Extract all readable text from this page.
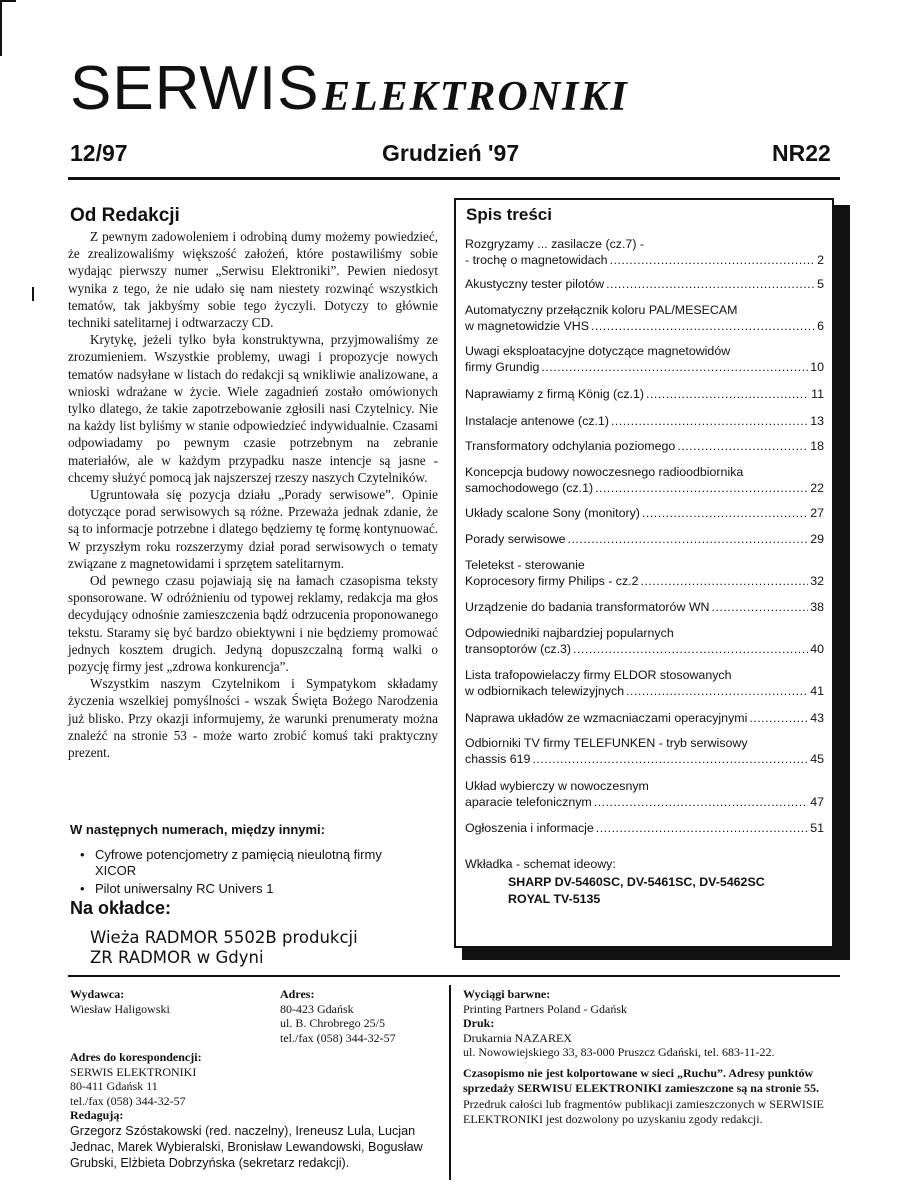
SERWIS ELEKTRONIKI
12/97	Grudzień '97	NR22
Od Redakcji

Z pewnym zadowoleniem i odrobiną dumy możemy powiedzieć, że zrealizowaliśmy większość założeń, które postawiliśmy sobie wydając pierwszy numer „Serwisu Elektroniki”. Pewien niedosyt wynika z tego, że nie udało się nam niestety rozwinąć wszystkich tematów, tak jakbyśmy sobie tego życzyli. Dotyczy to głównie techniki satelitarnej i odtwarzaczy CD.

Krytykę, jeżeli tylko była konstruktywna, przyjmowaliśmy ze zrozumieniem. Wszystkie problemy, uwagi i propozycje nowych tematów nadsyłane w listach do redakcji są wnikliwie analizowane, a wnioski wdrażane w życie. Wiele zagadnień zostało omówionych tylko dlatego, że takie zapotrzebowanie zgłosili nasi Czytelnicy. Nie na każdy list byliśmy w stanie odpowiedzieć indywidualnie. Czasami odpowiadamy po pewnym czasie potrzebnym na zebranie materiałów, ale w każdym przypadku nasze intencje są jasne - chcemy służyć pomocą jak najszerszej rzeszy naszych Czytelników.

Ugruntowała się pozycja działu „Porady serwisowe”. Opinie dotyczące porad serwisowych są różne. Przeważa jednak zdanie, że są to informacje potrzebne i dlatego będziemy tę formę kontynuować. W przyszłym roku rozszerzymy dział porad serwisowych o tematy związane z magnetowidami i sprzętem satelitarnym.

Od pewnego czasu pojawiają się na łamach czasopisma teksty sponsorowane. W odróżnieniu od typowej reklamy, redakcja ma głos decydujący odnośnie zamieszczenia bądź odrzucenia proponowanego tekstu. Staramy się być bardzo obiektywni i nie będziemy promować jednych kosztem drugich. Jedyną dopuszczalną formą walki o pozycję firmy jest „zdrowa konkurencja”.

Wszystkim naszym Czytelnikom i Sympatykom składamy życzenia wszelkiej pomyślności - wszak Święta Bożego Narodzenia już blisko. Przy okazji informujemy, że warunki prenumeraty można znaleźć na stronie 53 - może warto zrobić komuś taki praktyczny prezent.

W następnych numerach, między innymi:
• Cyfrowe potencjometry z pamięcią nieulotną firmy XICOR
• Pilot uniwersalny RC Univers 1
Na okładce:
Wieża RADMOR 5502B produkcji
ZR RADMOR w Gdyni
Spis treści
Rozgryzamy ... zasilacze (cz.7) -
- trochę o magnetowidach .....	2
Akustyczny tester pilotów .....	5
Automatyczny przełącznik koloru PAL/MESECAM
w magnetowidzie VHS .....	6
Uwagi eksploatacyjne dotyczące magnetowidów
firmy Grundig .....	10
Naprawiamy z firmą König (cz.1) .....	11
Instalacje antenowe (cz.1) .....	13
Transformatory odchylania poziomego .....	18
Koncepcja budowy nowoczesnego radioodbiornika
samochodowego (cz.1) .....	22
Układy scalone Sony (monitory) .....	27
Porady serwisowe .....	29
Teletekst - sterowanie
Koprocesory firmy Philips - cz.2 .....	32
Urządzenie do badania transformatorów WN .....	38
Odpowiedniki najbardziej popularnych
transoptorów (cz.3) .....	40
Lista trafopowielaczy firmy ELDOR stosowanych
w odbiornikach telewizyjnych .....	41
Naprawa układów ze wzmacniaczami operacyjnymi .....	43
Odbiorniki TV firmy TELEFUNKEN - tryb serwisowy
chassis 619 .....	45
Układ wybierczy w nowoczesnym
aparacie telefonicznym .....	47
Ogłoszenia i informacje .....	51
Wkładka - schemat ideowy:
SHARP DV-5460SC, DV-5461SC, DV-5462SC
ROYAL TV-5135
Wydawca:
Wiesław Haligowski
Adres:
80-423 Gdańsk
ul. B. Chrobrego 25/5
tel./fax (058) 344-32-57
Adres do korespondencji:
SERWIS ELEKTRONIKI
80-411 Gdańsk 11
tel./fax (058) 344-32-57
Redagują:
Grzegorz Szóstakowski (red. naczelny), Ireneusz Lula, Lucjan Jednac, Marek Wybieralski, Bronisław Lewandowski, Bogusław Grubski, Elżbieta Dobrzyńska (sekretarz redakcji).
Wyciągi barwne:
Printing Partners Poland - Gdańsk
Druk:
Drukarnia NAZAREX
ul. Nowowiejskiego 33, 83-000 Pruszcz Gdański, tel. 683-11-22.
Czasopismo nie jest kolportowane w sieci „Ruchu”. Adresy punktów sprzedaży SERWISU ELEKTRONIKI zamieszczone są na stronie 55.
Przedruk całości lub fragmentów publikacji zamieszczonych w SERWISIE ELEKTRONIKI jest dozwolony po uzyskaniu zgody redakcji.
